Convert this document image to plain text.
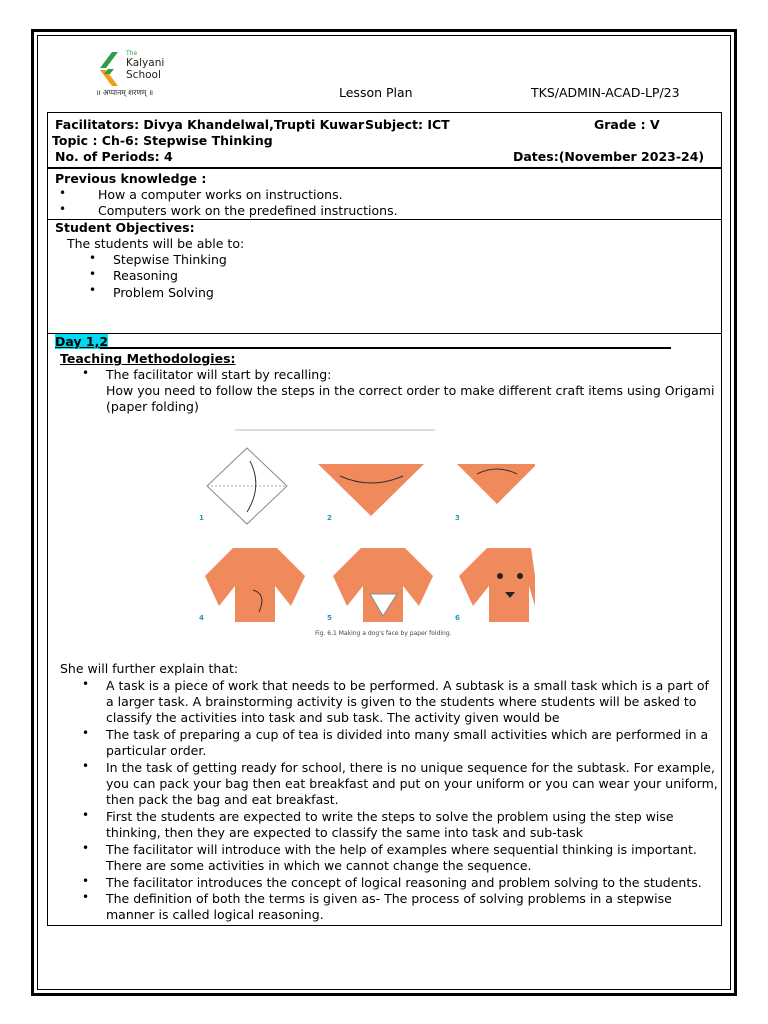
The
Kalyani
School
॥ अप्पानम् शरणम् ॥	Lesson Plan	TKS/ADMIN-ACAD-LP/23
Facilitators: Divya Khandelwal,Trupti Kuwar Subject: ICT	Grade : V
Topic : Ch-6: Stepwise Thinking
No. of Periods: 4	Dates:(November 2023-24)
Previous knowledge :
•	How a computer works on instructions.
•	Computers work on the predefined instructions.
Student Objectives:
The students will be able to:
• Stepwise Thinking
• Reasoning
• Problem Solving
Day 1,2
Teaching Methodologies:
• The facilitator will start by recalling:
How you need to follow the steps in the correct order to make different craft items using Origami (paper folding)
1	2	3
4	5	6
Fig. 6.1 Making a dog's face by paper folding.
She will further explain that:
• A task is a piece of work that needs to be performed. A subtask is a small task which is a part of a larger task. A brainstorming activity is given to the students where students will be asked to classify the activities into task and sub task. The activity given would be
• The task of preparing a cup of tea is divided into many small activities which are performed in a particular order.
• In the task of getting ready for school, there is no unique sequence for the subtask. For example, you can pack your bag then eat breakfast and put on your uniform or you can wear your uniform, then pack the bag and eat breakfast.
• First the students are expected to write the steps to solve the problem using the step wise thinking, then they are expected to classify the same into task and sub-task
• The facilitator will introduce with the help of examples where sequential thinking is important. There are some activities in which we cannot change the sequence.
• The facilitator introduces the concept of logical reasoning and problem solving to the students.
• The definition of both the terms is given as- The process of solving problems in a stepwise manner is called logical reasoning.
